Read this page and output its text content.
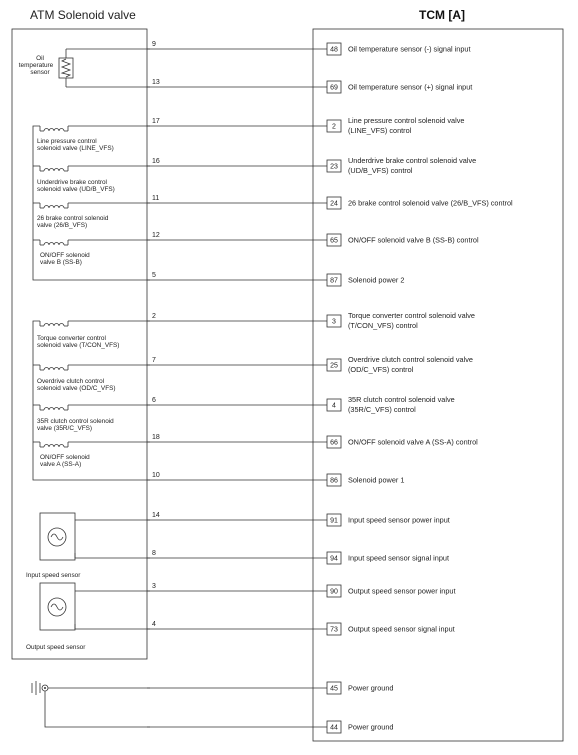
ATM Solenoid valve	TCM [A]
Oil
temperature
sensor
Line pressure control
solenoid valve (LINE_VFS)
Underdrive brake control
solenoid valve (UD/B_VFS)
26 brake control solenoid
valve (26/B_VFS)
ON/OFF solenoid
valve B (SS-B)
Torque converter control
solenoid valve (T/CON_VFS)
Overdrive clutch control
solenoid valve (OD/C_VFS)
35R clutch control solenoid
valve (35R/C_VFS)
ON/OFF solenoid
valve A (SS-A)
Input speed sensor
Output speed sensor
9
48 Oil temperature sensor (-) signal input
13
69 Oil temperature sensor (+) signal input
17
2
Line pressure control solenoid valve
(LINE_VFS) control
16
23
Underdrive brake control solenoid valve
(UD/B_VFS) control
11
24 26 brake control solenoid valve (26/B_VFS) control
12
65 ON/OFF solenoid valve B (SS-B) control
5
87 Solenoid power 2
2
3
Torque converter control solenoid valve
(T/CON_VFS) control
7
25
Overdrive clutch control solenoid valve
(OD/C_VFS) control
6
4
35R clutch control solenoid valve
(35R/C_VFS) control
18
66 ON/OFF solenoid valve A (SS-A) control
10
86 Solenoid power 1
14
91 Input speed sensor power input
8
94 Input speed sensor signal input
3
90 Output speed sensor power input
4
73 Output speed sensor signal input
45 Power ground
44 Power ground
